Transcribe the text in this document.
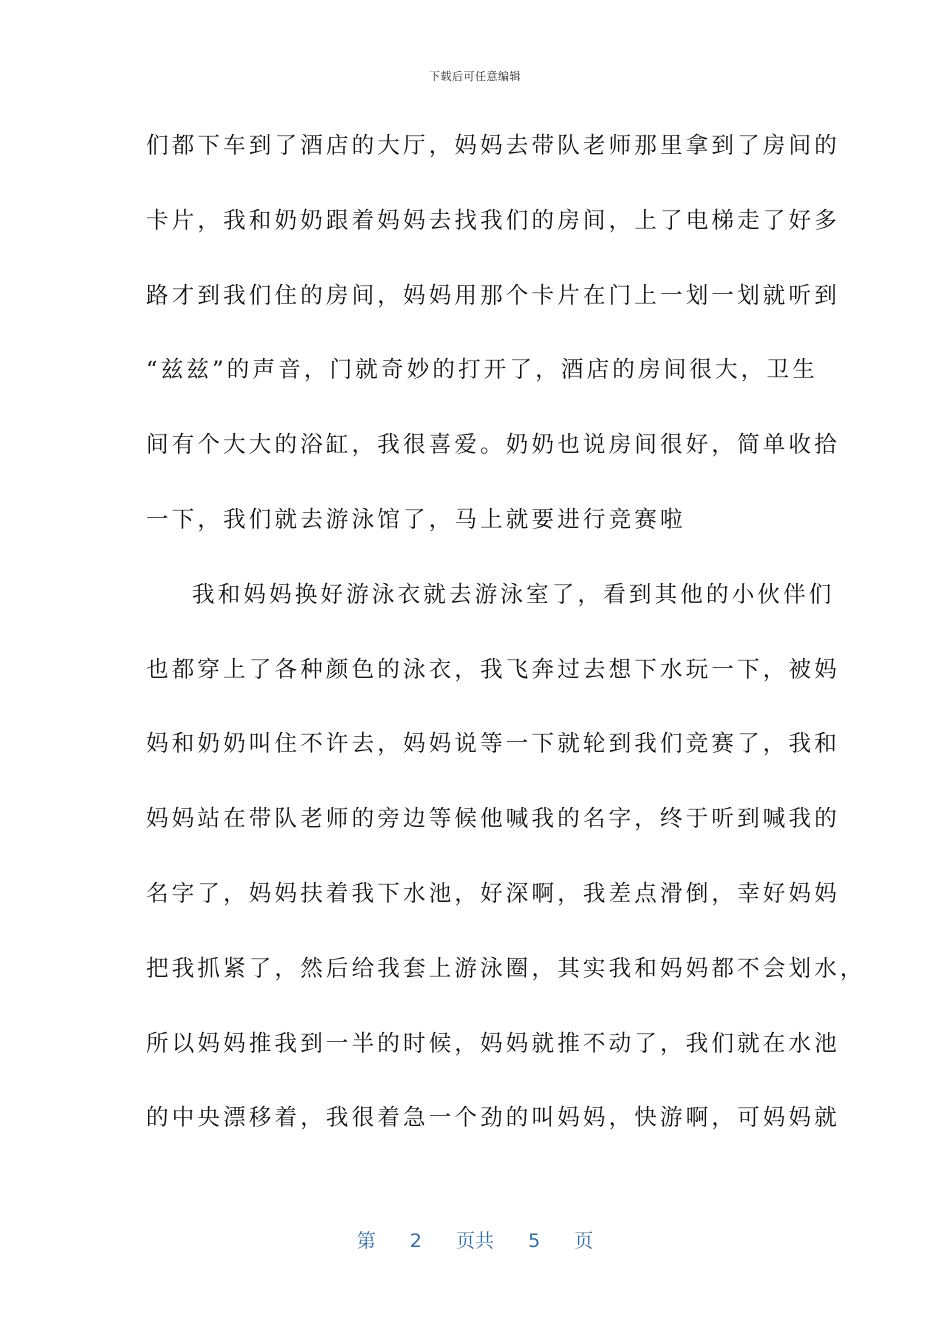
下载后可任意编辑
们都下车到了酒店的大厅，妈妈去带队老师那里拿到了房间的
卡片，我和奶奶跟着妈妈去找我们的房间，上了电梯走了好多
路才到我们住的房间，妈妈用那个卡片在门上一划一划就听到
“兹兹”的声音，门就奇妙的打开了，酒店的房间很大，卫生
间有个大大的浴缸，我很喜爱。奶奶也说房间很好，简单收拾
一下，我们就去游泳馆了，马上就要进行竞赛啦
我和妈妈换好游泳衣就去游泳室了，看到其他的小伙伴们
也都穿上了各种颜色的泳衣，我飞奔过去想下水玩一下，被妈
妈和奶奶叫住不许去，妈妈说等一下就轮到我们竞赛了，我和
妈妈站在带队老师的旁边等候他喊我的名字，终于听到喊我的
名字了，妈妈扶着我下水池，好深啊，我差点滑倒，幸好妈妈
把我抓紧了，然后给我套上游泳圈，其实我和妈妈都不会划水，
所以妈妈推我到一半的时候，妈妈就推不动了，我们就在水池
的中央漂移着，我很着急一个劲的叫妈妈，快游啊，可妈妈就
第 2 页共 5 页
